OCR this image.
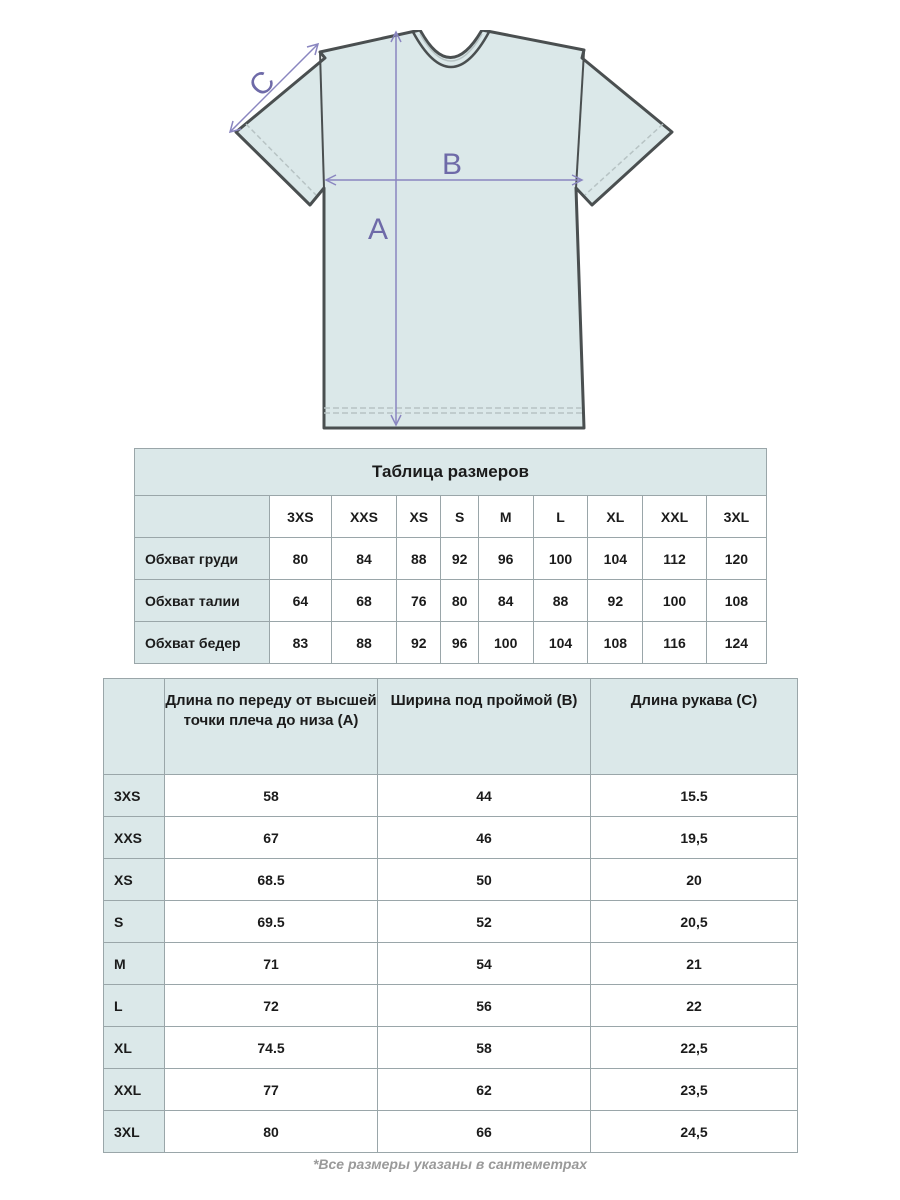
A
B
C
Таблица размеров									
	3XS	XXS	XS	S	M	L	XL	XXL	3XL
Обхват груди	80	84	88	92	96	100	104	112	120
Обхват талии	64	68	76	80	84	88	92	100	108
Обхват бедер	83	88	92	96	100	104	108	116	124
	Длина по переду от высшей точки плеча до низа (А)	Ширина под проймой (В)	Длина рукава (С)
3XS	58	44	15.5
XXS	67	46	19,5
XS	68.5	50	20
S	69.5	52	20,5
M	71	54	21
L	72	56	22
XL	74.5	58	22,5
XXL	77	62	23,5
3XL	80	66	24,5
*Все размеры указаны в сантеметрах
